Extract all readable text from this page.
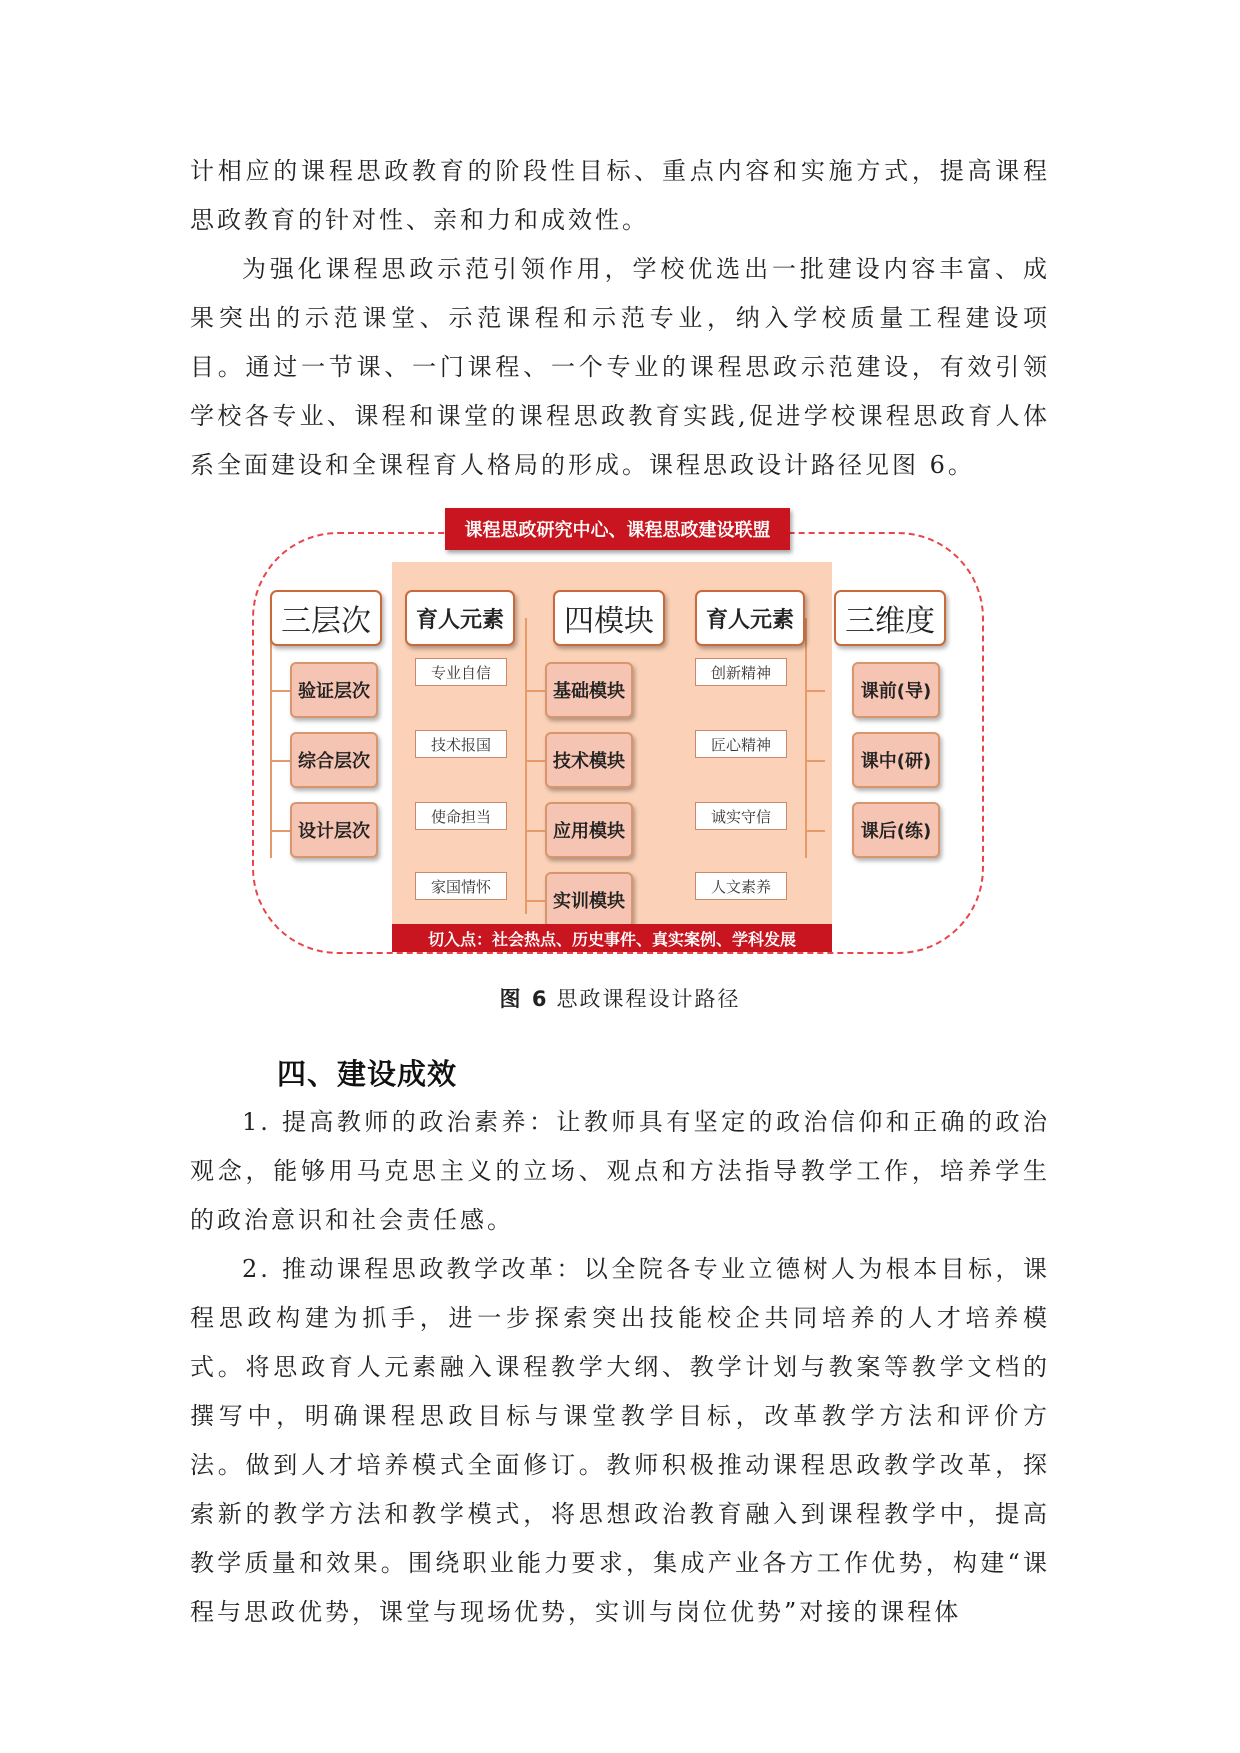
计相应的课程思政教育的阶段性目标、重点内容和实施方式，提高课程思政教育的针对性、亲和力和成效性。

为强化课程思政示范引领作用，学校优选出一批建设内容丰富、成果突出的示范课堂、示范课程和示范专业，纳入学校质量工程建设项目。通过一节课、一门课程、一个专业的课程思政示范建设，有效引领学校各专业、课程和课堂的课程思政教育实践,促进学校课程思政育人体系全面建设和全课程育人格局的形成。课程思政设计路径见图 6。

课程思政研究中心、课程思政建设联盟
三层次	育人元素	四模块	育人元素	三维度
验证层次
综合层次
设计层次
专业自信
技术报国
使命担当
家国情怀
基础模块
技术模块
应用模块
实训模块
创新精神
匠心精神
诚实守信
人文素养
课前(导)
课中(研)
课后(练)
切入点：社会热点、历史事件、真实案例、学科发展
图 6 思政课程设计路径
四、建设成效

1. 提高教师的政治素养：让教师具有坚定的政治信仰和正确的政治观念，能够用马克思主义的立场、观点和方法指导教学工作，培养学生的政治意识和社会责任感。

2. 推动课程思政教学改革：以全院各专业立德树人为根本目标，课程思政构建为抓手，进一步探索突出技能校企共同培养的人才培养模式。将思政育人元素融入课程教学大纲、教学计划与教案等教学文档的撰写中，明确课程思政目标与课堂教学目标，改革教学方法和评价方法。做到人才培养模式全面修订。教师积极推动课程思政教学改革，探索新的教学方法和教学模式，将思想政治教育融入到课程教学中，提高教学质量和效果。围绕职业能力要求，集成产业各方工作优势，构建“课程与思政优势，课堂与现场优势，实训与岗位优势”对接的课程体
